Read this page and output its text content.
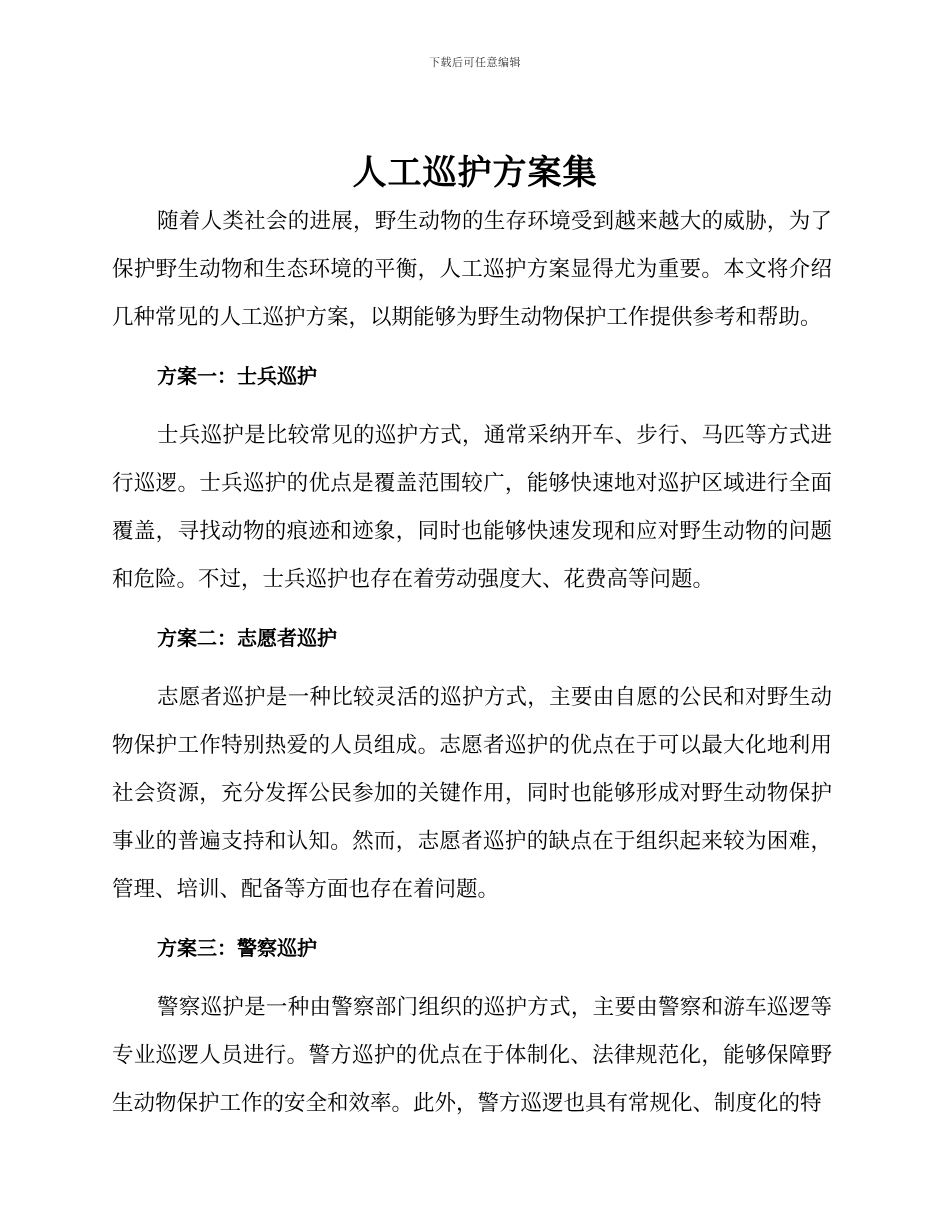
下载后可任意编辑
人工巡护方案集

随着人类社会的进展，野生动物的生存环境受到越来越大的威胁，为了保护野生动物和生态环境的平衡，人工巡护方案显得尤为重要。本文将介绍几种常见的人工巡护方案，以期能够为野生动物保护工作提供参考和帮助。

方案一：士兵巡护

士兵巡护是比较常见的巡护方式，通常采纳开车、步行、马匹等方式进行巡逻。士兵巡护的优点是覆盖范围较广，能够快速地对巡护区域进行全面覆盖，寻找动物的痕迹和迹象，同时也能够快速发现和应对野生动物的问题和危险。不过，士兵巡护也存在着劳动强度大、花费高等问题。

方案二：志愿者巡护

志愿者巡护是一种比较灵活的巡护方式，主要由自愿的公民和对野生动物保护工作特别热爱的人员组成。志愿者巡护的优点在于可以最大化地利用社会资源，充分发挥公民参加的关键作用，同时也能够形成对野生动物保护事业的普遍支持和认知。然而，志愿者巡护的缺点在于组织起来较为困难，管理、培训、配备等方面也存在着问题。

方案三：警察巡护

警察巡护是一种由警察部门组织的巡护方式，主要由警察和游车巡逻等专业巡逻人员进行。警方巡护的优点在于体制化、法律规范化，能够保障野生动物保护工作的安全和效率。此外，警方巡逻也具有常规化、制度化的特
